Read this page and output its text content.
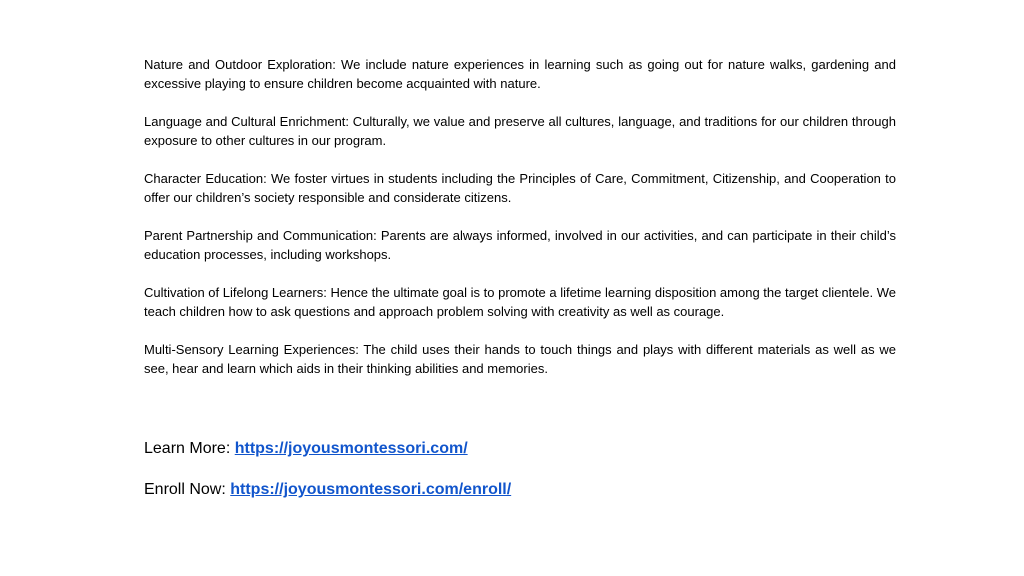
Nature and Outdoor Exploration: We include nature experiences in learning such as going out for nature walks, gardening and excessive playing to ensure children become acquainted with nature.

Language and Cultural Enrichment: Culturally, we value and preserve all cultures, language, and traditions for our children through exposure to other cultures in our program.

Character Education: We foster virtues in students including the Principles of Care, Commitment, Citizenship, and Cooperation to offer our children’s society responsible and considerate citizens.

Parent Partnership and Communication: Parents are always informed, involved in our activities, and can participate in their child’s education processes, including workshops.

Cultivation of Lifelong Learners: Hence the ultimate goal is to promote a lifetime learning disposition among the target clientele. We teach children how to ask questions and approach problem solving with creativity as well as courage.

Multi-Sensory Learning Experiences: The child uses their hands to touch things and plays with different materials as well as we see, hear and learn which aids in their thinking abilities and memories.

Learn More: https://joyousmontessori.com/
Enroll Now: https://joyousmontessori.com/enroll/
